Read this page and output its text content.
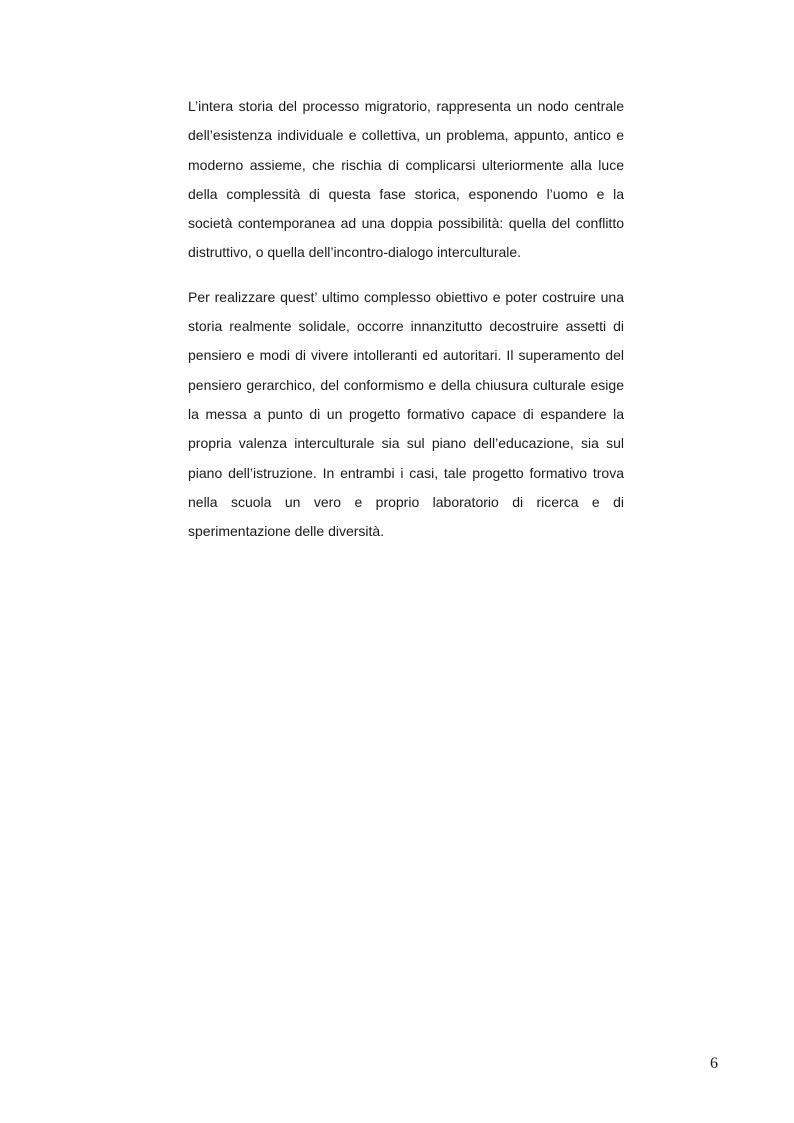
L’intera storia del processo migratorio, rappresenta un nodo centrale dell’esistenza individuale e collettiva, un problema, appunto, antico e moderno assieme, che rischia di complicarsi ulteriormente alla luce della complessità di questa fase storica, esponendo l’uomo e la società contemporanea ad una doppia possibilità: quella del conflitto distruttivo, o quella dell’incontro-dialogo interculturale.

Per realizzare quest’ ultimo complesso obiettivo e poter costruire una storia realmente solidale, occorre innanzitutto decostruire assetti di pensiero e modi di vivere intolleranti ed autoritari. Il superamento del pensiero gerarchico, del conformismo e della chiusura culturale esige la messa a punto di un progetto formativo capace di espandere la propria valenza interculturale sia sul piano dell’educazione, sia sul piano dell’istruzione. In entrambi i casi, tale progetto formativo trova nella scuola un vero e proprio laboratorio di ricerca e di sperimentazione delle diversità.

6
